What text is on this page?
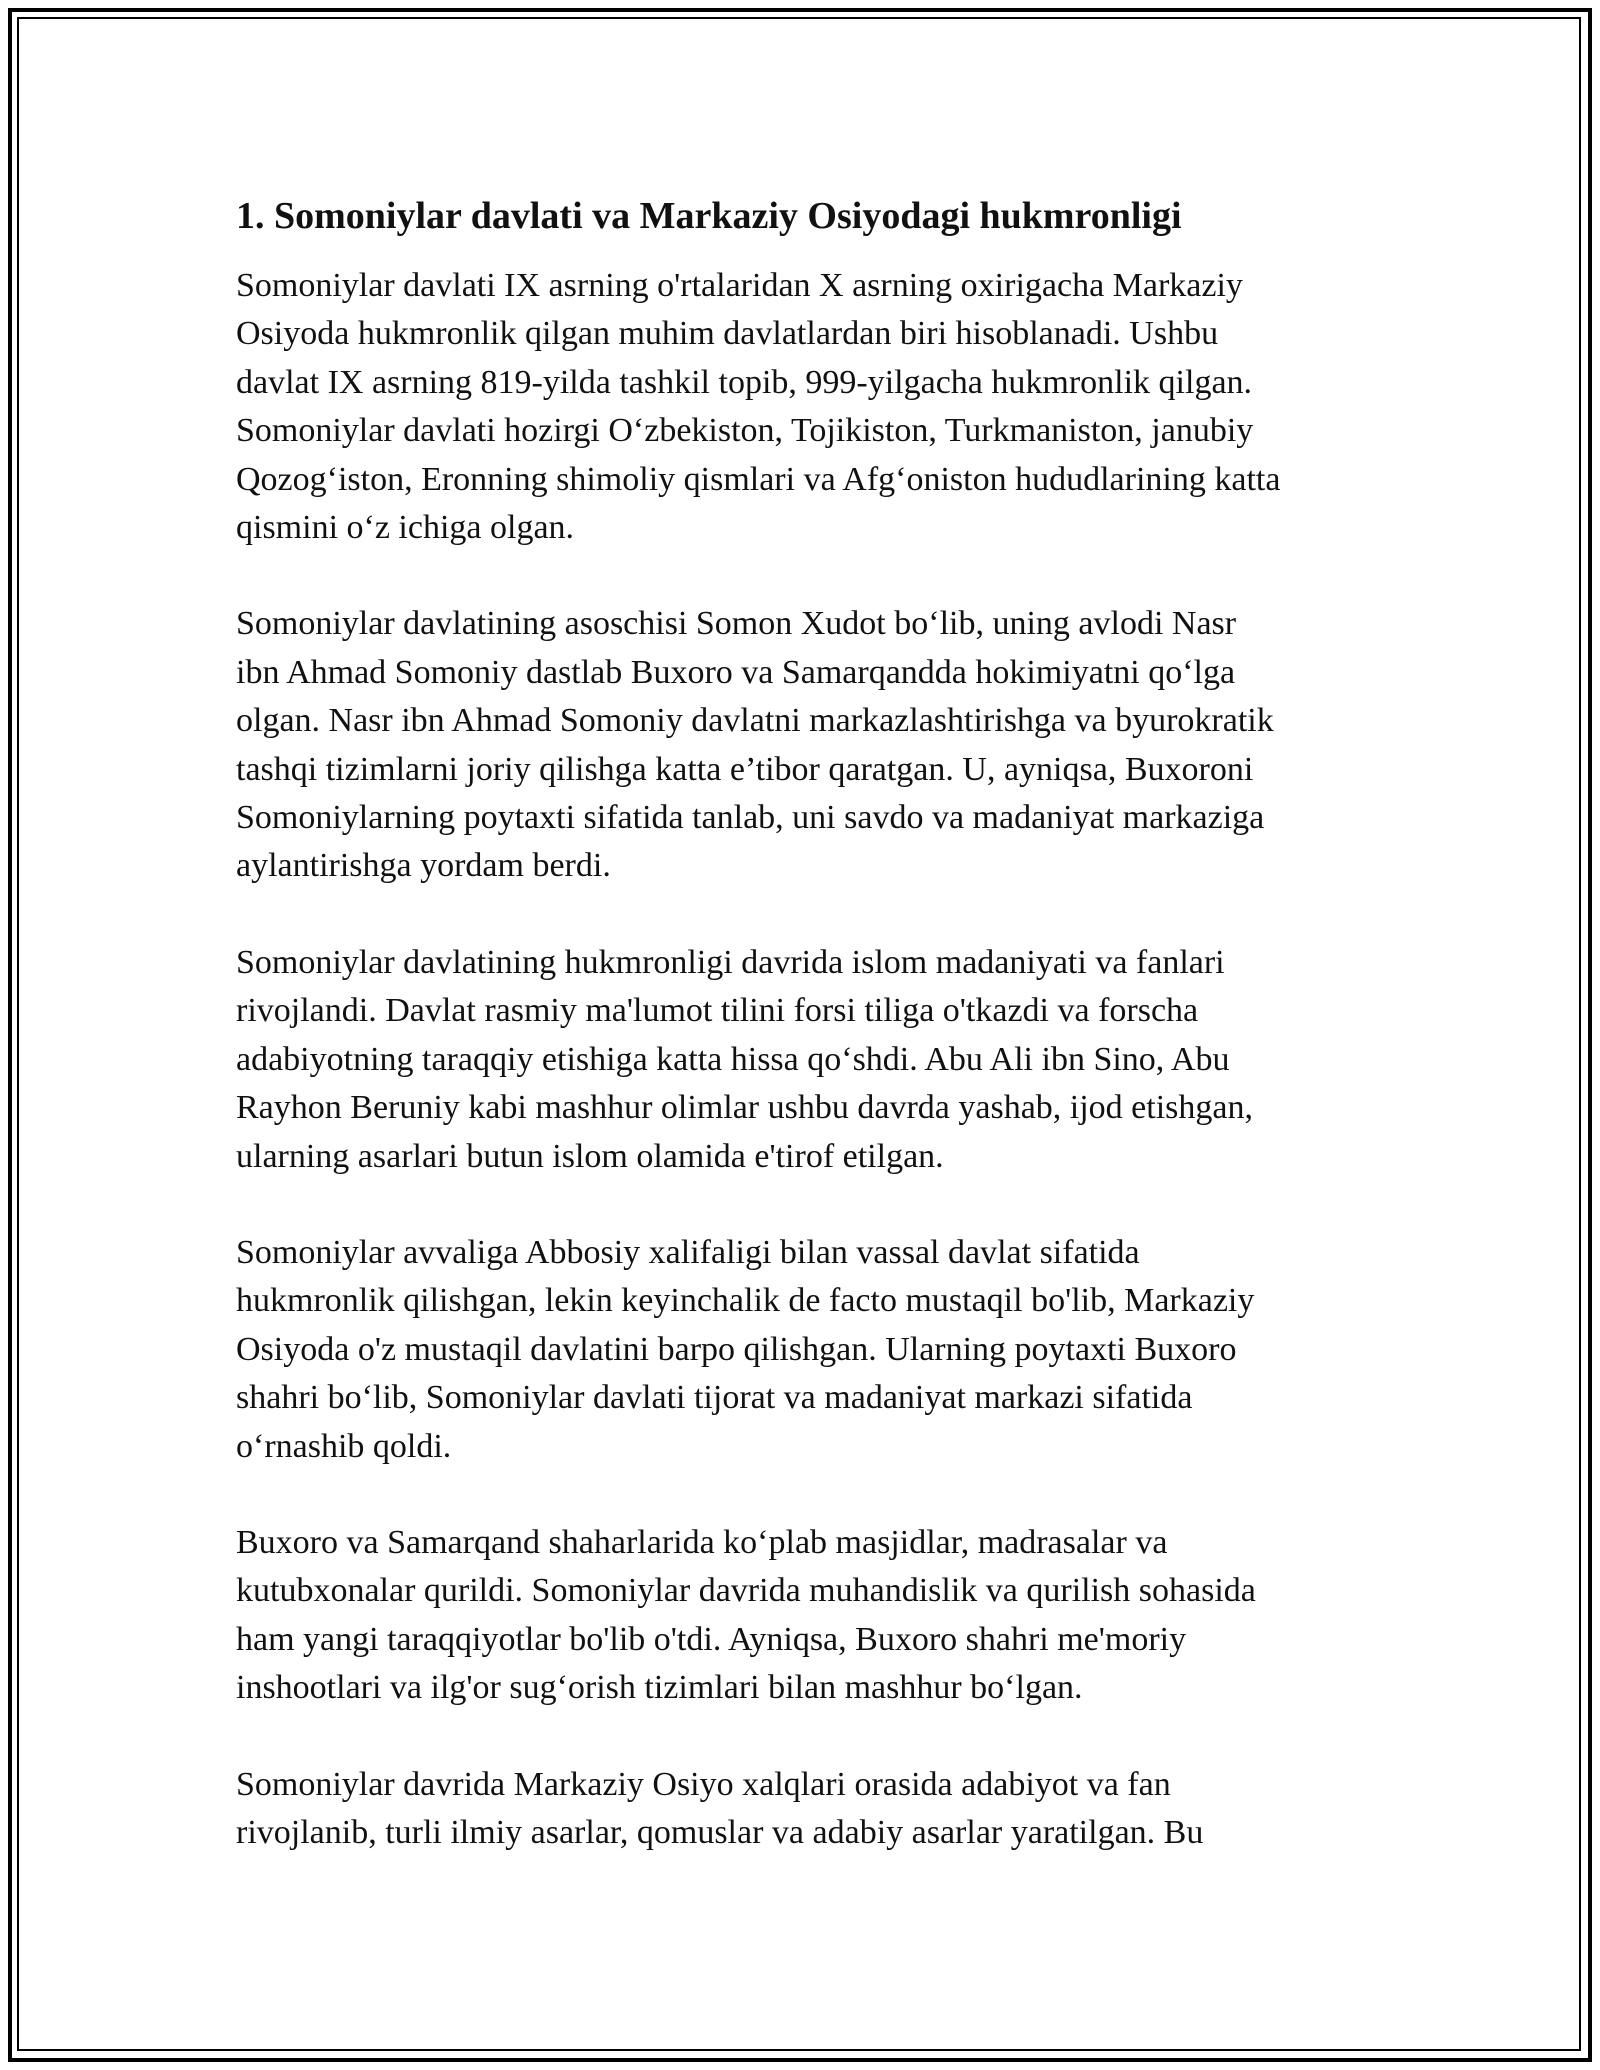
1. Somoniylar davlati va Markaziy Osiyodagi hukmronligi

Somoniylar davlati IX asrning o'rtalaridan X asrning oxirigacha Markaziy
Osiyoda hukmronlik qilgan muhim davlatlardan biri hisoblanadi. Ushbu
davlat IX asrning 819-yilda tashkil topib, 999-yilgacha hukmronlik qilgan.
Somoniylar davlati hozirgi O‘zbekiston, Tojikiston, Turkmaniston, janubiy
Qozog‘iston, Eronning shimoliy qismlari va Afg‘oniston hududlarining katta
qismini o‘z ichiga olgan.

Somoniylar davlatining asoschisi Somon Xudot bo‘lib, uning avlodi Nasr
ibn Ahmad Somoniy dastlab Buxoro va Samarqandda hokimiyatni qo‘lga
olgan. Nasr ibn Ahmad Somoniy davlatni markazlashtirishga va byurokratik
tashqi tizimlarni joriy qilishga katta e’tibor qaratgan. U, ayniqsa, Buxoroni
Somoniylarning poytaxti sifatida tanlab, uni savdo va madaniyat markaziga
aylantirishga yordam berdi.

Somoniylar davlatining hukmronligi davrida islom madaniyati va fanlari
rivojlandi. Davlat rasmiy ma'lumot tilini forsi tiliga o'tkazdi va forscha
adabiyotning taraqqiy etishiga katta hissa qo‘shdi. Abu Ali ibn Sino, Abu
Rayhon Beruniy kabi mashhur olimlar ushbu davrda yashab, ijod etishgan,
ularning asarlari butun islom olamida e'tirof etilgan.

Somoniylar avvaliga Abbosiy xalifaligi bilan vassal davlat sifatida
hukmronlik qilishgan, lekin keyinchalik de facto mustaqil bo'lib, Markaziy
Osiyoda o'z mustaqil davlatini barpo qilishgan. Ularning poytaxti Buxoro
shahri bo‘lib, Somoniylar davlati tijorat va madaniyat markazi sifatida
o‘rnashib qoldi.

Buxoro va Samarqand shaharlarida ko‘plab masjidlar, madrasalar va
kutubxonalar qurildi. Somoniylar davrida muhandislik va qurilish sohasida
ham yangi taraqqiyotlar bo'lib o'tdi. Ayniqsa, Buxoro shahri me'moriy
inshootlari va ilg'or sug‘orish tizimlari bilan mashhur bo‘lgan.

Somoniylar davrida Markaziy Osiyo xalqlari orasida adabiyot va fan
rivojlanib, turli ilmiy asarlar, qomuslar va adabiy asarlar yaratilgan. Bu
